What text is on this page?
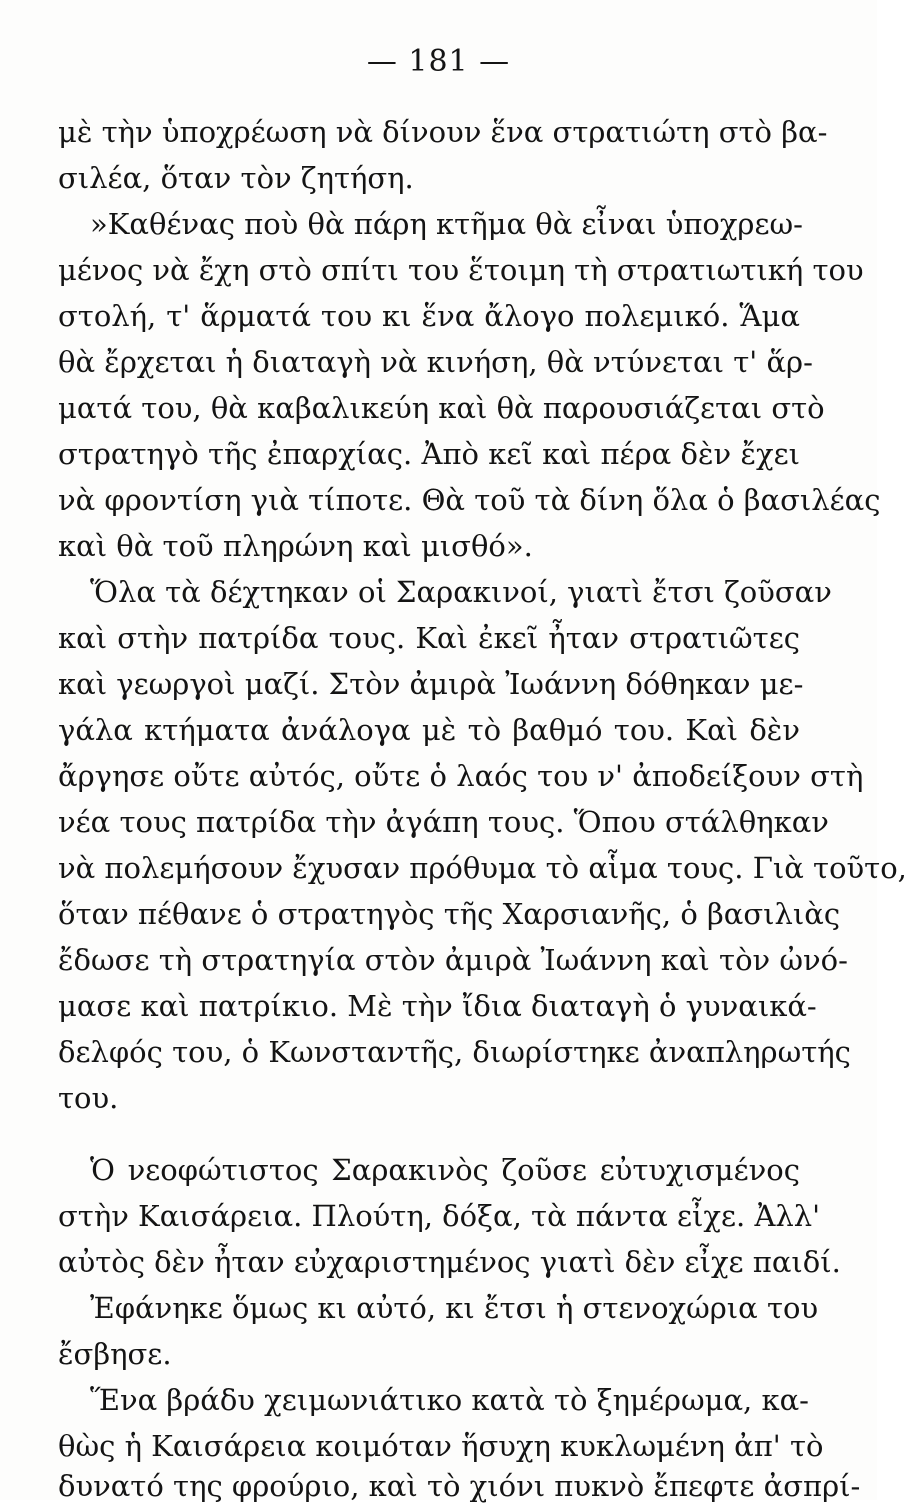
— 181 —
μὲ τὴν ὑποχρέωση νὰ δίνουν ἕνα στρατιώτη στὸ βα-
σιλέα, ὅταν τὸν ζητήση.
»Καθένας ποὺ θὰ πάρη κτῆμα θὰ εἶναι ὑποχρεω-
μένος νὰ ἔχη στὸ σπίτι του ἕτοιμη τὴ στρατιωτική του
στολή, τ' ἅρματά του κι ἕνα ἄλογο πολεμικό. Ἅμα
θὰ ἔρχεται ἡ διαταγὴ νὰ κινήση, θὰ ντύνεται τ' ἅρ-
ματά του, θὰ καβαλικεύη καὶ θὰ παρουσιάζεται στὸ
στρατηγὸ τῆς ἐπαρχίας. Ἀπὸ κεῖ καὶ πέρα δὲν ἔχει
νὰ φροντίση γιὰ τίποτε. Θὰ τοῦ τὰ δίνη ὅλα ὁ βασιλέας
καὶ θὰ τοῦ πληρώνη καὶ μισθό».
Ὅλα τὰ δέχτηκαν οἱ Σαρακινοί, γιατὶ ἔτσι ζοῦσαν
καὶ στὴν πατρίδα τους. Καὶ ἐκεῖ ἦταν στρατιῶτες
καὶ γεωργοὶ μαζί. Στὸν ἀμιρὰ Ἰωάννη δόθηκαν με-
γάλα κτήματα ἀνάλογα μὲ τὸ βαθμό του. Καὶ δὲν
ἄργησε οὔτε αὐτός, οὔτε ὁ λαός του ν' ἀποδείξουν στὴ
νέα τους πατρίδα τὴν ἀγάπη τους. Ὅπου στάλθηκαν
νὰ πολεμήσουν ἔχυσαν πρόθυμα τὸ αἷμα τους. Γιὰ τοῦτο,
ὅταν πέθανε ὁ στρατηγὸς τῆς Χαρσιανῆς, ὁ βασιλιὰς
ἔδωσε τὴ στρατηγία στὸν ἀμιρὰ Ἰωάννη καὶ τὸν ὠνό-
μασε καὶ πατρίκιο. Μὲ τὴν ἴδια διαταγὴ ὁ γυναικά-
δελφός του, ὁ Κωνσταντῆς, διωρίστηκε ἀναπληρωτής
του.
Ὁ νεοφώτιστος Σαρακινὸς ζοῦσε εὐτυχισμένος
στὴν Καισάρεια. Πλούτη, δόξα, τὰ πάντα εἶχε. Ἀλλ'
αὐτὸς δὲν ἦταν εὐχαριστημένος γιατὶ δὲν εἶχε παιδί.
Ἐφάνηκε ὅμως κι αὐτό, κι ἔτσι ἡ στενοχώρια του
ἔσβησε.
Ἕνα βράδυ χειμωνιάτικο κατὰ τὸ ξημέρωμα, κα-
θὼς ἡ Καισάρεια κοιμόταν ἥσυχη κυκλωμένη ἀπ' τὸ
δυνατό της φρούριο, καὶ τὸ χιόνι πυκνὸ ἔπεφτε ἀσπρί-
